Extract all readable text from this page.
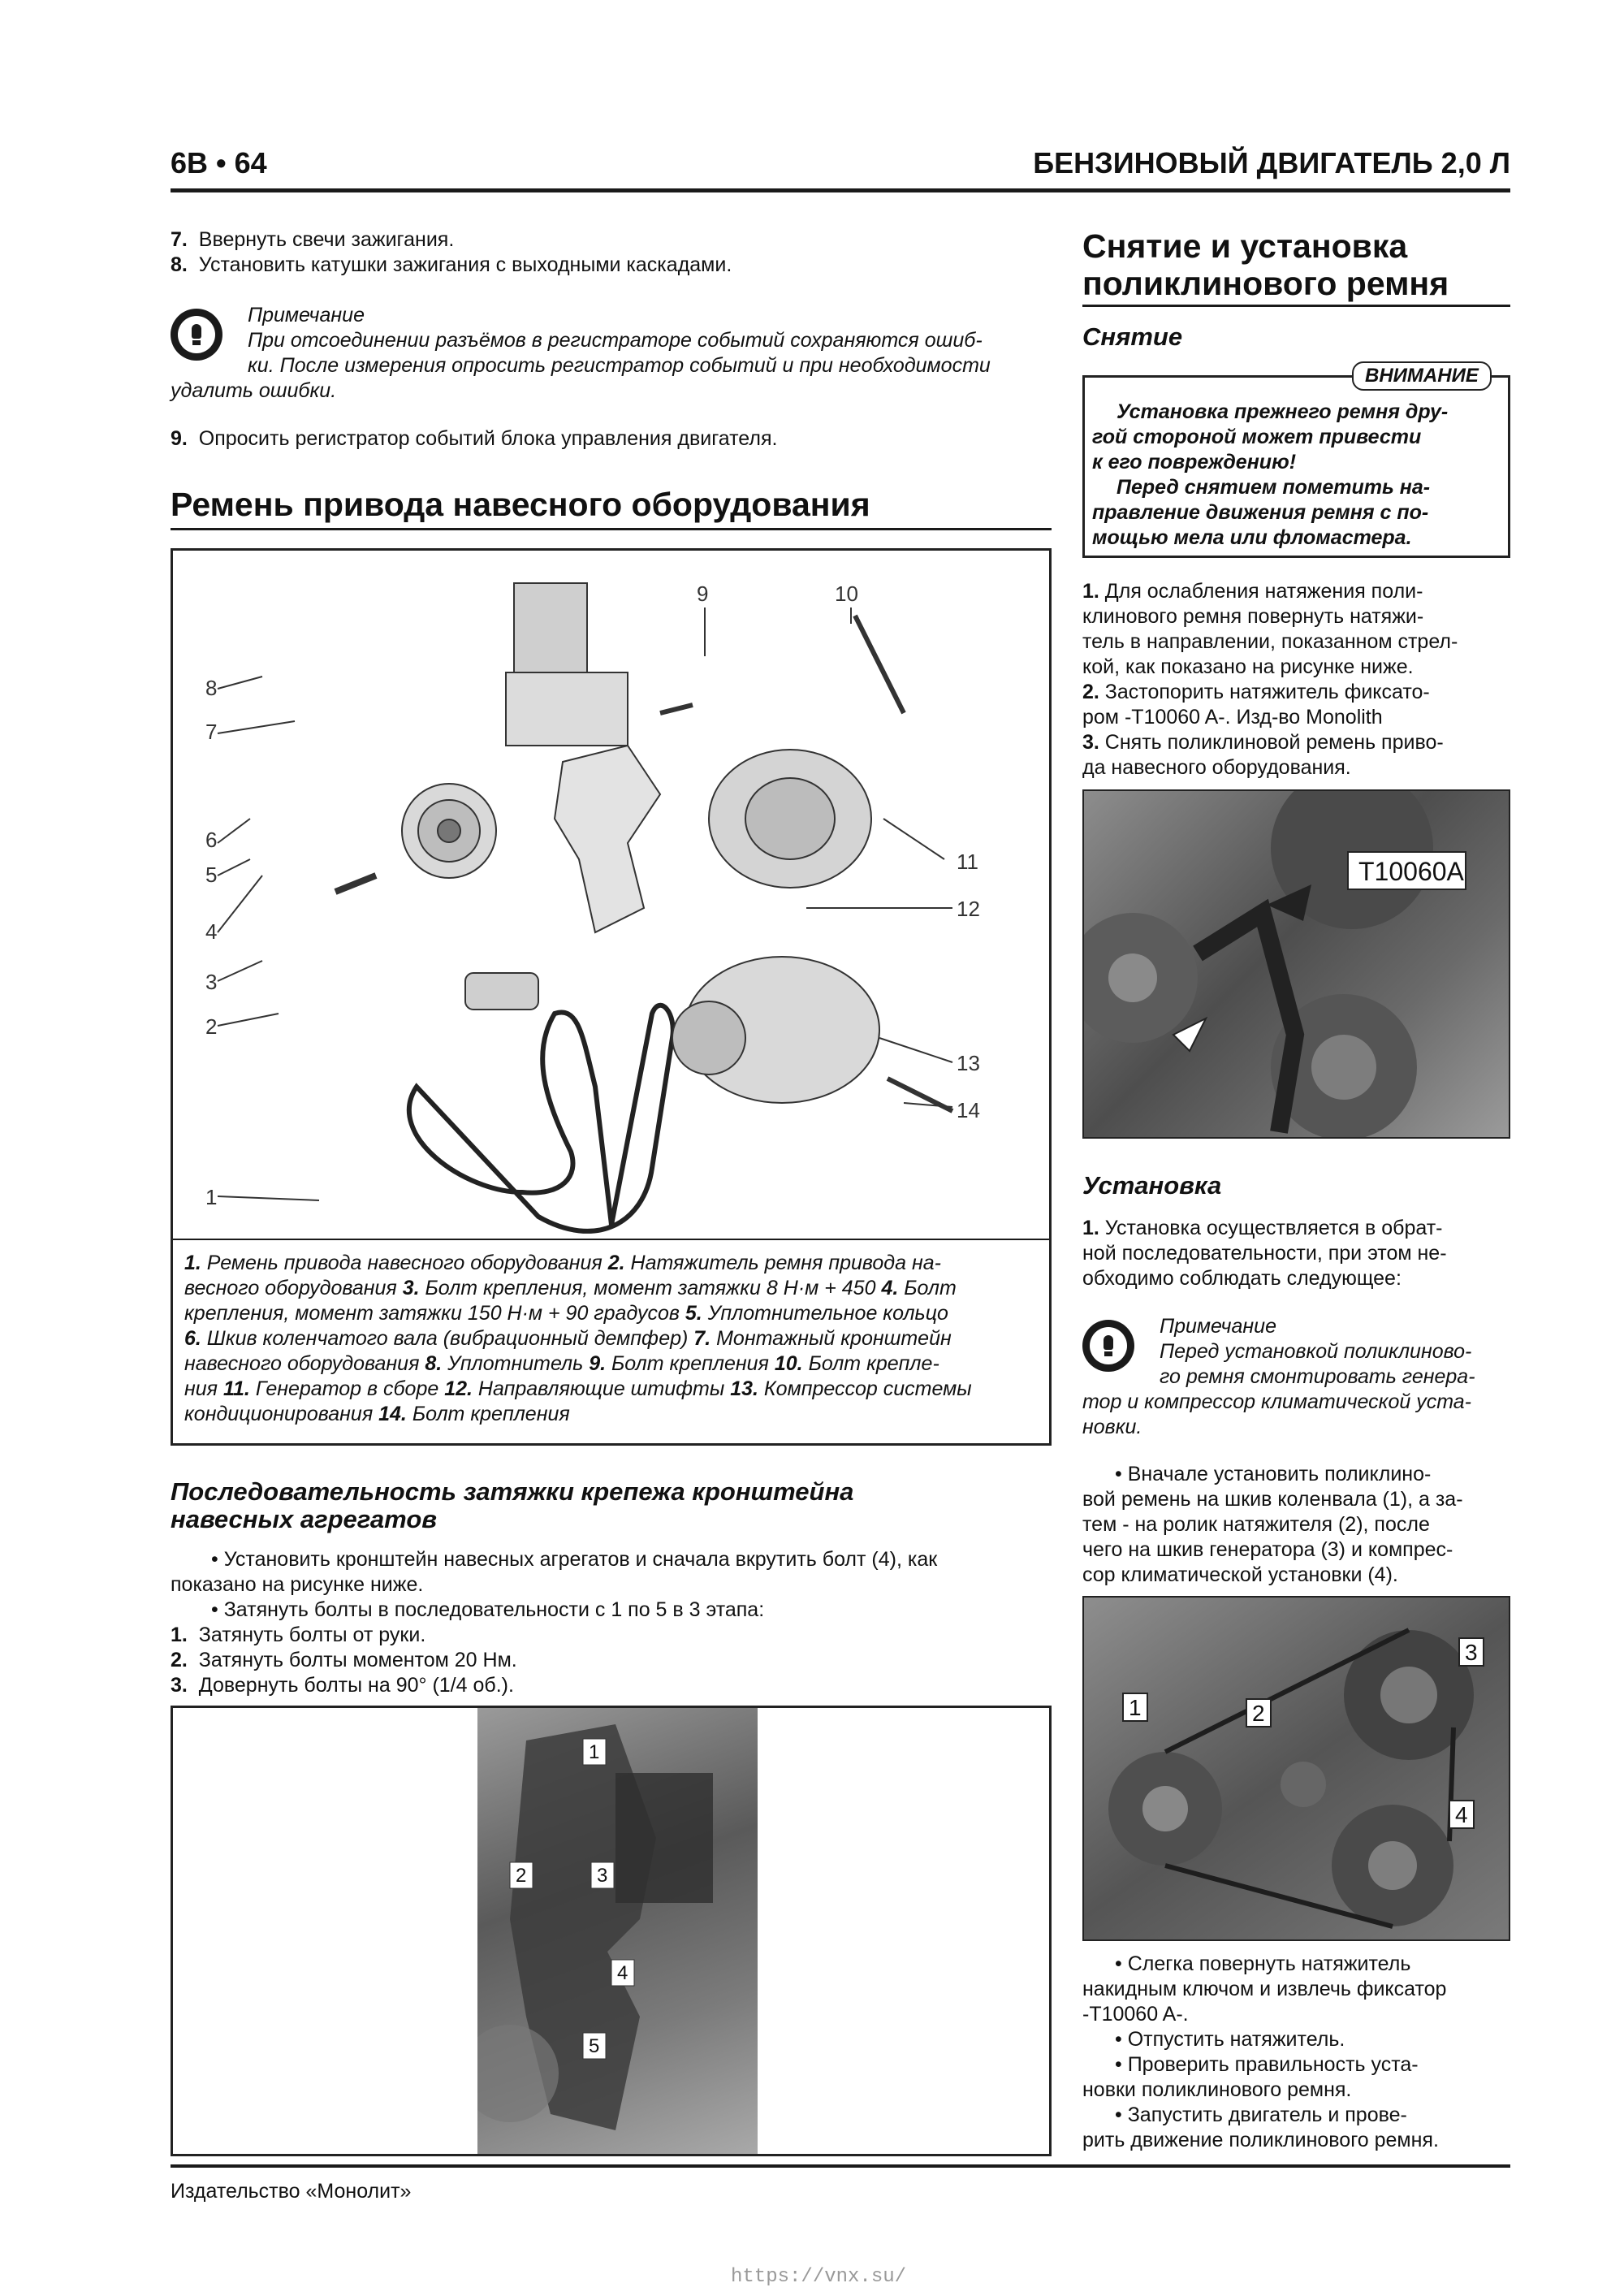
6B • 64	БЕНЗИНОВЫЙ ДВИГАТЕЛЬ 2,0 Л
7. Ввернуть свечи зажигания.
8. Установить катушки зажигания с выходными каскадами.
Примечание
При отсоединении разъёмов в регистраторе событий сохраняются ошиб-
ки. После измерения опросить регистратор событий и при необходимости
удалить ошибки.
9. Опросить регистратор событий блока управления двигателя.
Ремень привода навесного оборудования
1
2
3
4
5
6
7
8
9	10
11
12
13
14
1. Ремень привода навесного оборудования 2. Натяжитель ремня привода на-
весного оборудования 3. Болт крепления, момент затяжки 8 Н·м + 450 4. Болт
крепления, момент затяжки 150 Н·м + 90 градусов 5. Уплотнительное кольцо
6. Шкив коленчатого вала (вибрационный демпфер) 7. Монтажный кронштейн
навесного оборудования 8. Уплотнитель 9. Болт крепления 10. Болт крепле-
ния 11. Генератор в сборе 12. Направляющие штифты 13. Компрессор системы
кондиционирования 14. Болт крепления
Последовательность затяжки крепежа кронштейна
навесных агрегатов
• Установить кронштейн навесных агрегатов и сначала вкрутить болт (4), как
показано на рисунке ниже.
• Затянуть болты в последовательности с 1 по 5 в 3 этапа:
1. Затянуть болты от руки.
2. Затянуть болты моментом 20 Нм.
3. Довернуть болты на 90° (1/4 об.).
1
2	3
4
5
Снятие и установка
поликлинового ремня
Снятие
ВНИМАНИЕ
Установка прежнего ремня дру-
гой стороной может привести
к его повреждению!
Перед снятием пометить на-
правление движения ремня с по-
мощью мела или фломастера.
1. Для ослабления натяжения поли-
клинового ремня повернуть натяжи-
тель в направлении, показанном стрел-
кой, как показано на рисунке ниже.
2. Застопорить натяжитель фиксато-
ром -T10060 A-. Изд-во Monolith
3. Снять поликлиновой ремень приво-
да навесного оборудования.
T10060A
Установка
1. Установка осуществляется в обрат-
ной последовательности, при этом не-
обходимо соблюдать следующее:
Примечание
Перед установкой поликлиново-
го ремня смонтировать генера-
тор и компрессор климатической уста-
новки.
• Вначале установить поликлино-
вой ремень на шкив коленвала (1), а за-
тем - на ролик натяжителя (2), после
чего на шкив генератора (3) и компрес-
сор климатической установки (4).
1	2
3
4
• Слегка повернуть натяжитель
накидным ключом и извлечь фиксатор
-T10060 A-.
• Отпустить натяжитель.
• Проверить правильность уста-
новки поликлинового ремня.
• Запустить двигатель и прове-
рить движение поликлинового ремня.
Издательство «Монолит»
https://vnx.su/
